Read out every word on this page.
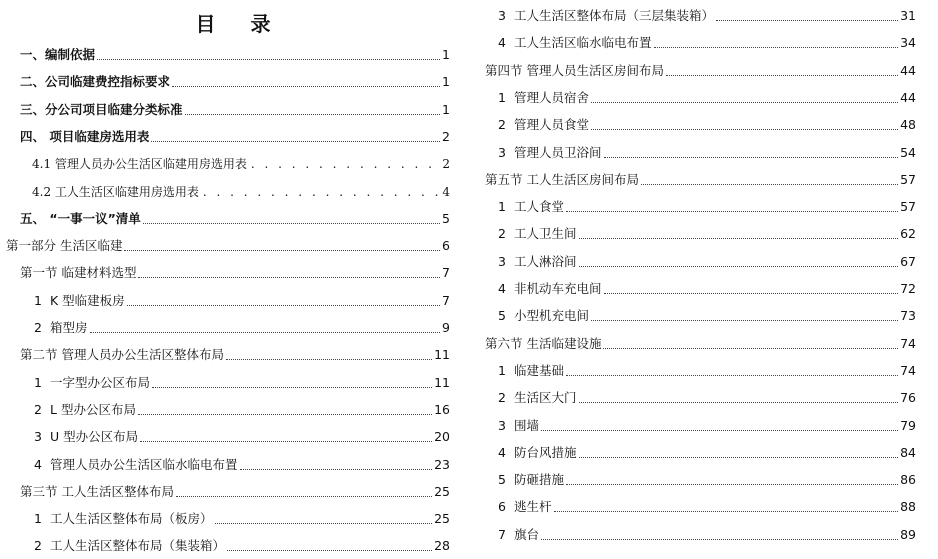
目 录
一、编制依据	1
二、公司临建费控指标要求	1
三、分公司项目临建分类标准	1
四、 项目临建房选用表	2
4.1 管理人员办公生活区临建用房选用表 . . .	2
4.2 工人生活区临建用房选用表 . . .	4
五、 “一事一议”清单	5
第一部分 生活区临建	6
第一节 临建材料选型	7
1 K 型临建板房	7
2 箱型房	9
第二节 管理人员办公生活区整体布局	11
1 一字型办公区布局	11
2 L 型办公区布局	16
3 U 型办公区布局	20
4 管理人员办公生活区临水临电布置	23
第三节 工人生活区整体布局	25
1 工人生活区整体布局（板房）	25
2 工人生活区整体布局（集装箱）	28
3 工人生活区整体布局（三层集装箱）	31
4 工人生活区临水临电布置	34
第四节 管理人员生活区房间布局	44
1 管理人员宿舍	44
2 管理人员食堂	48
3 管理人员卫浴间	54
第五节 工人生活区房间布局	57
1 工人食堂	57
2 工人卫生间	62
3 工人淋浴间	67
4 非机动车充电间	72
5 小型机充电间	73
第六节 生活临建设施	74
1 临建基础	74
2 生活区大门	76
3 围墙	79
4 防台风措施	84
5 防砸措施	86
6 逃生杆	88
7 旗台	89
